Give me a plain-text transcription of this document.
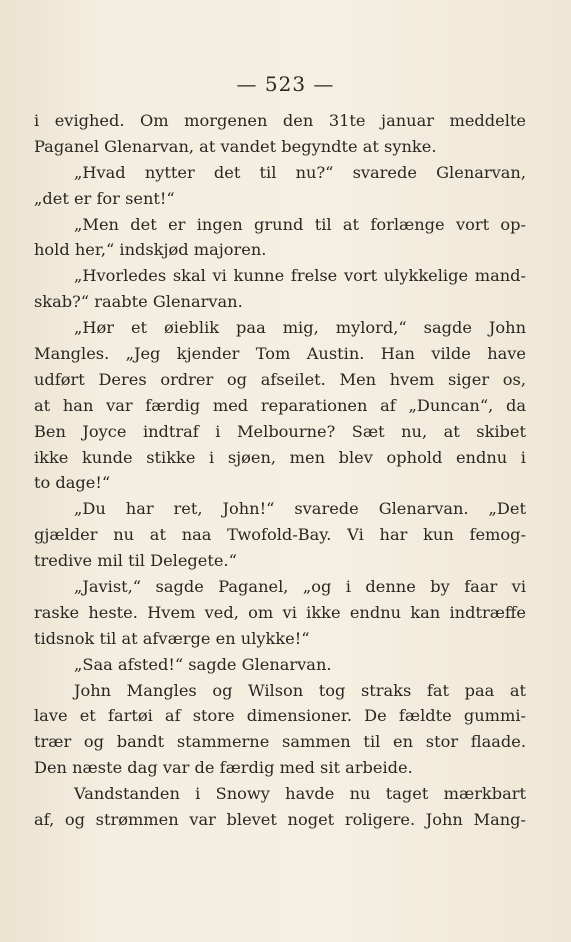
— 523 —
i evighed. Om morgenen den 31te januar meddelte
Paganel Glenarvan, at vandet begyndte at synke.
„Hvad nytter det til nu?“ svarede Glenarvan,
„det er for sent!“
„Men det er ingen grund til at forlænge vort op-
hold her,“ indskjød majoren.
„Hvorledes skal vi kunne frelse vort ulykkelige mand-
skab?“ raabte Glenarvan.
„Hør et øieblik paa mig, mylord,“ sagde John
Mangles. „Jeg kjender Tom Austin. Han vilde have
udført Deres ordrer og afseilet. Men hvem siger os,
at han var færdig med reparationen af „Duncan“, da
Ben Joyce indtraf i Melbourne? Sæt nu, at skibet
ikke kunde stikke i sjøen, men blev ophold endnu i
to dage!“
„Du har ret, John!“ svarede Glenarvan. „Det
gjælder nu at naa Twofold-Bay. Vi har kun femog-
tredive mil til Delegete.“
„Javist,“ sagde Paganel, „og i denne by faar vi
raske heste. Hvem ved, om vi ikke endnu kan indtræffe
tidsnok til at afværge en ulykke!“
„Saa afsted!“ sagde Glenarvan.
John Mangles og Wilson tog straks fat paa at
lave et fartøi af store dimensioner. De fældte gummi-
trær og bandt stammerne sammen til en stor flaade.
Den næste dag var de færdig med sit arbeide.
Vandstanden i Snowy havde nu taget mærkbart
af, og strømmen var blevet noget roligere. John Mang-
